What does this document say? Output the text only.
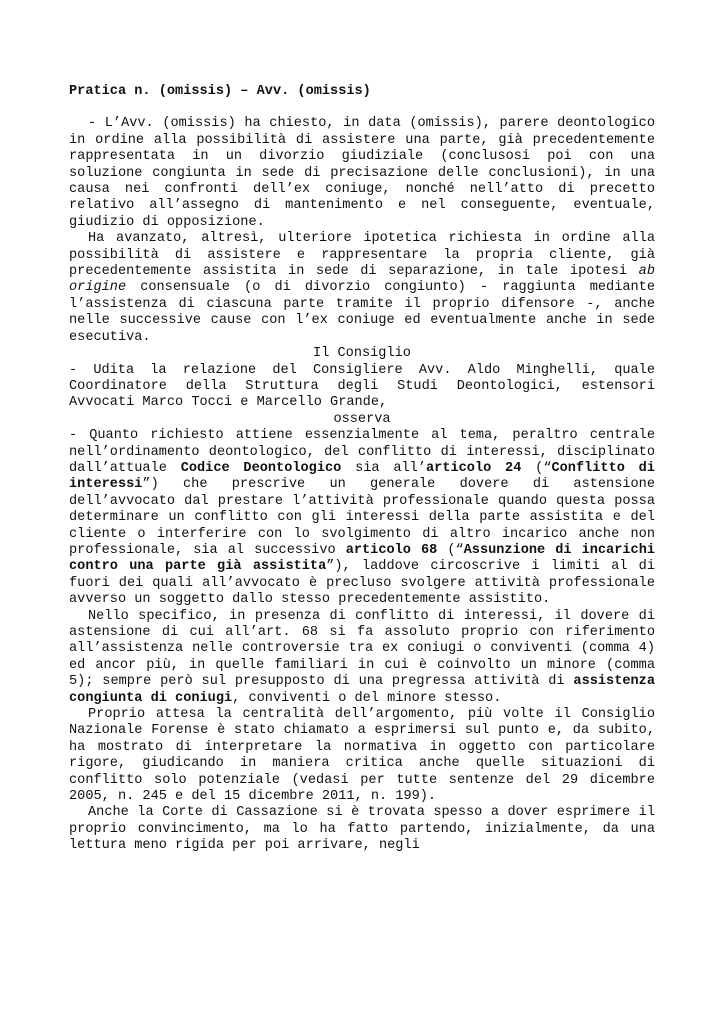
Pratica n. (omissis) – Avv. (omissis)

- L’Avv. (omissis) ha chiesto, in data (omissis), parere deontologico in ordine alla possibilità di assistere una parte, già precedentemente rappresentata in un divorzio giudiziale (conclusosi poi con una soluzione congiunta in sede di precisazione delle conclusioni), in una causa nei confronti dell’ex coniuge, nonché nell’atto di precetto relativo all’assegno di mantenimento e nel conseguente, eventuale, giudizio di opposizione.

Ha avanzato, altresì, ulteriore ipotetica richiesta in ordine alla possibilità di assistere e rappresentare la propria cliente, già precedentemente assistita in sede di separazione, in tale ipotesi ab origine consensuale (o di divorzio congiunto) - raggiunta mediante l’assistenza di ciascuna parte tramite il proprio difensore -, anche nelle successive cause con l’ex coniuge ed eventualmente anche in sede esecutiva.

Il Consiglio

- Udita la relazione del Consigliere Avv. Aldo Minghelli, quale Coordinatore della Struttura degli Studi Deontologici, estensori Avvocati Marco Tocci e Marcello Grande,

osserva

- Quanto richiesto attiene essenzialmente al tema, peraltro centrale nell’ordinamento deontologico, del conflitto di interessi, disciplinato dall’attuale Codice Deontologico sia all’articolo 24 (“Conflitto di interessi”) che prescrive un generale dovere di astensione dell’avvocato dal prestare l’attività professionale quando questa possa determinare un conflitto con gli interessi della parte assistita e del cliente o interferire con lo svolgimento di altro incarico anche non professionale, sia al successivo articolo 68 (“Assunzione di incarichi contro una parte già assistita”), laddove circoscrive i limiti al di fuori dei quali all’avvocato è precluso svolgere attività professionale avverso un soggetto dallo stesso precedentemente assistito.

Nello specifico, in presenza di conflitto di interessi, il dovere di astensione di cui all’art. 68 si fa assoluto proprio con riferimento all’assistenza nelle controversie tra ex coniugi o conviventi (comma 4) ed ancor più, in quelle familiari in cui è coinvolto un minore (comma 5); sempre però sul presupposto di una pregressa attività di assistenza congiunta di coniugi, conviventi o del minore stesso.

Proprio attesa la centralità dell’argomento, più volte il Consiglio Nazionale Forense è stato chiamato a esprimersi sul punto e, da subito, ha mostrato di interpretare la normativa in oggetto con particolare rigore, giudicando in maniera critica anche quelle situazioni di conflitto solo potenziale (vedasi per tutte sentenze del 29 dicembre 2005, n. 245 e del 15 dicembre 2011, n. 199).

Anche la Corte di Cassazione si è trovata spesso a dover esprimere il proprio convincimento, ma lo ha fatto partendo, inizialmente, da una lettura meno rigida per poi arrivare, negli
